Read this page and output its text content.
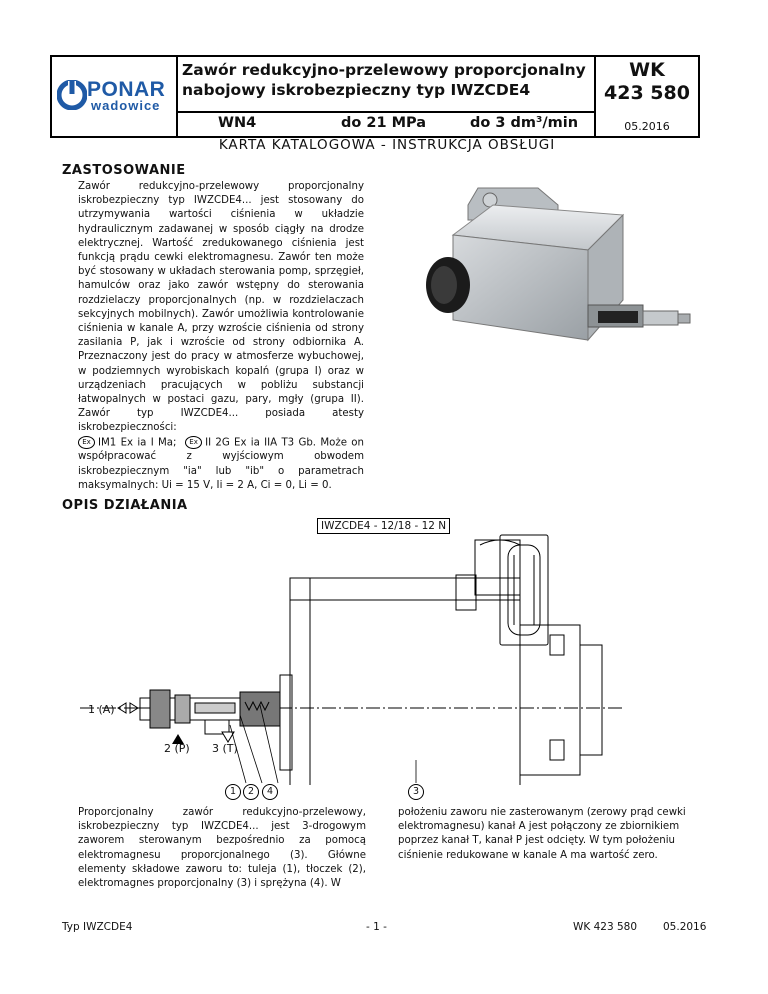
PONAR
wadowice
Zawór redukcyjno-przelewowy proporcjonalny
nabojowy iskrobezpieczny typ IWZCDE4
WK
423 580
WN4	do 21 MPa	do 3 dm³/min	05.2016
KARTA KATALOGOWA - INSTRUKCJA OBSŁUGI
ZASTOSOWANIE

Zawór redukcyjno-przelewowy proporcjonalny iskrobezpieczny typ IWZCDE4... jest stosowany do utrzymywania wartości ciśnienia w układzie hydraulicznym zadawanej w sposób ciągły na drodze elektrycznej. Wartość zredukowanego ciśnienia jest funkcją prądu cewki elektromagnesu. Zawór ten może być stosowany w układach sterowania pomp, sprzęgieł, hamulców oraz jako zawór wstępny do sterowania rozdzielaczy proporcjonalnych (np. w rozdzielaczach sekcyjnych mobilnych). Zawór umożliwia kontrolowanie ciśnienia w kanale A, przy wzroście ciśnienia od strony zasilania P, jak i wzroście od strony odbiornika A. Przeznaczony jest do pracy w atmosferze wybuchowej, w podziemnych wyrobiskach kopalń (grupa I) oraz w urządzeniach pracujących w pobliżu substancji łatwopalnych w postaci gazu, pary, mgły (grupa II). Zawór typ IWZCDE4... posiada atesty iskrobezpieczności:

Ex IM1 Ex ia I Ma; Ex II 2G Ex ia IIA T3 Gb. Może on współpracować z wyjściowym obwodem iskrobezpiecznym "ia" lub "ib" o parametrach maksymalnych: Ui = 15 V, Ii = 2 A, Ci = 0, Li = 0.

OPIS DZIAŁANIA
IWZCDE4 - 12/18 - 12 N
1 (A)
2 (P) 3 (T)
1	2	4	3
Proporcjonalny zawór redukcyjno-przelewowy, iskrobezpieczny typ IWZCDE4... jest 3-drogowym zaworem sterowanym bezpośrednio za pomocą elektromagnesu proporcjonalnego (3). Główne elementy składowe zaworu to: tuleja (1), tłoczek (2), elektromagnes proporcjonalny (3) i sprężyna (4). W
położeniu zaworu nie zasterowanym (zerowy prąd cewki elektromagnesu) kanał A jest połączony ze zbiornikiem poprzez kanał T, kanał P jest odcięty. W tym położeniu ciśnienie redukowane w kanale A ma wartość zero.
Typ IWZCDE4	- 1 -	WK 423 580 05.2016
